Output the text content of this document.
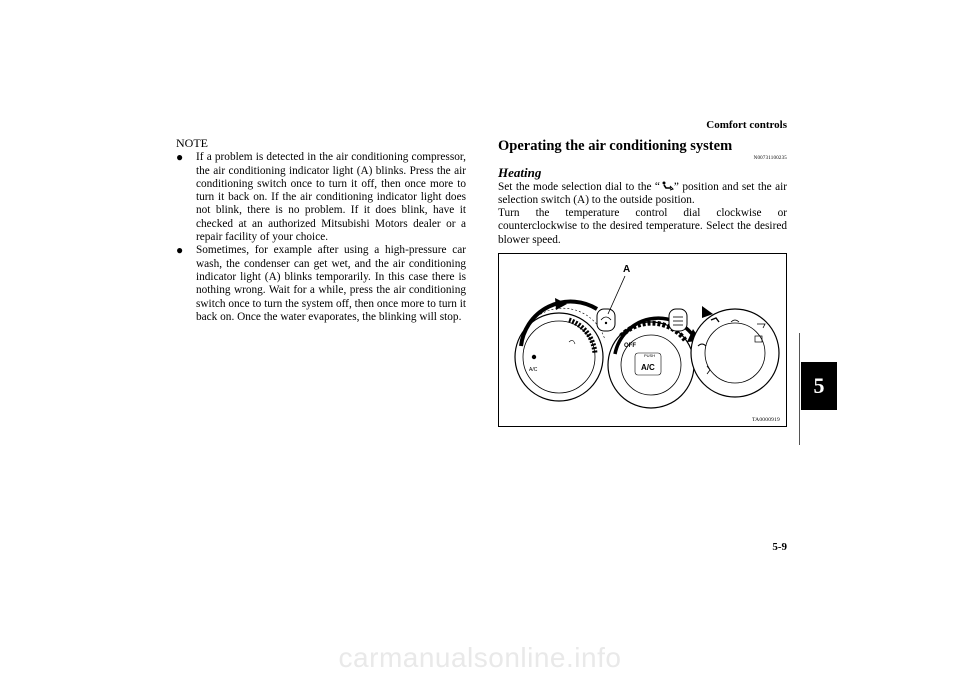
Comfort controls
5
NOTE
●	If a problem is detected in the air conditioning compressor, the air conditioning indicator light (A) blinks. Press the air conditioning switch once to turn it off, then once more to turn it back on. If the air conditioning indicator light does not blink, there is no problem. If it does blink, have it checked at an authorized Mitsubishi Motors dealer or a repair facility of your choice.
●	Sometimes, for example after using a high-pressure car wash, the condenser can get wet, and the air conditioning indicator light (A) blinks temporarily. In this case there is nothing wrong. Wait for a while, press the air conditioning switch once to turn the system off, then once more to turn it back on. Once the water evaporates, the blinking will stop.
Operating the air conditioning system
N00731100235
Heating
Set the mode selection dial to the “ ” position and set the air selection switch (A) to the outside position.
Turn the temperature control dial clockwise or counterclockwise to the desired temperature. Select the desired blower speed.
A/C
OFF
PUSH
A/C
A
TA0000919
5-9
carmanualsonline.info
